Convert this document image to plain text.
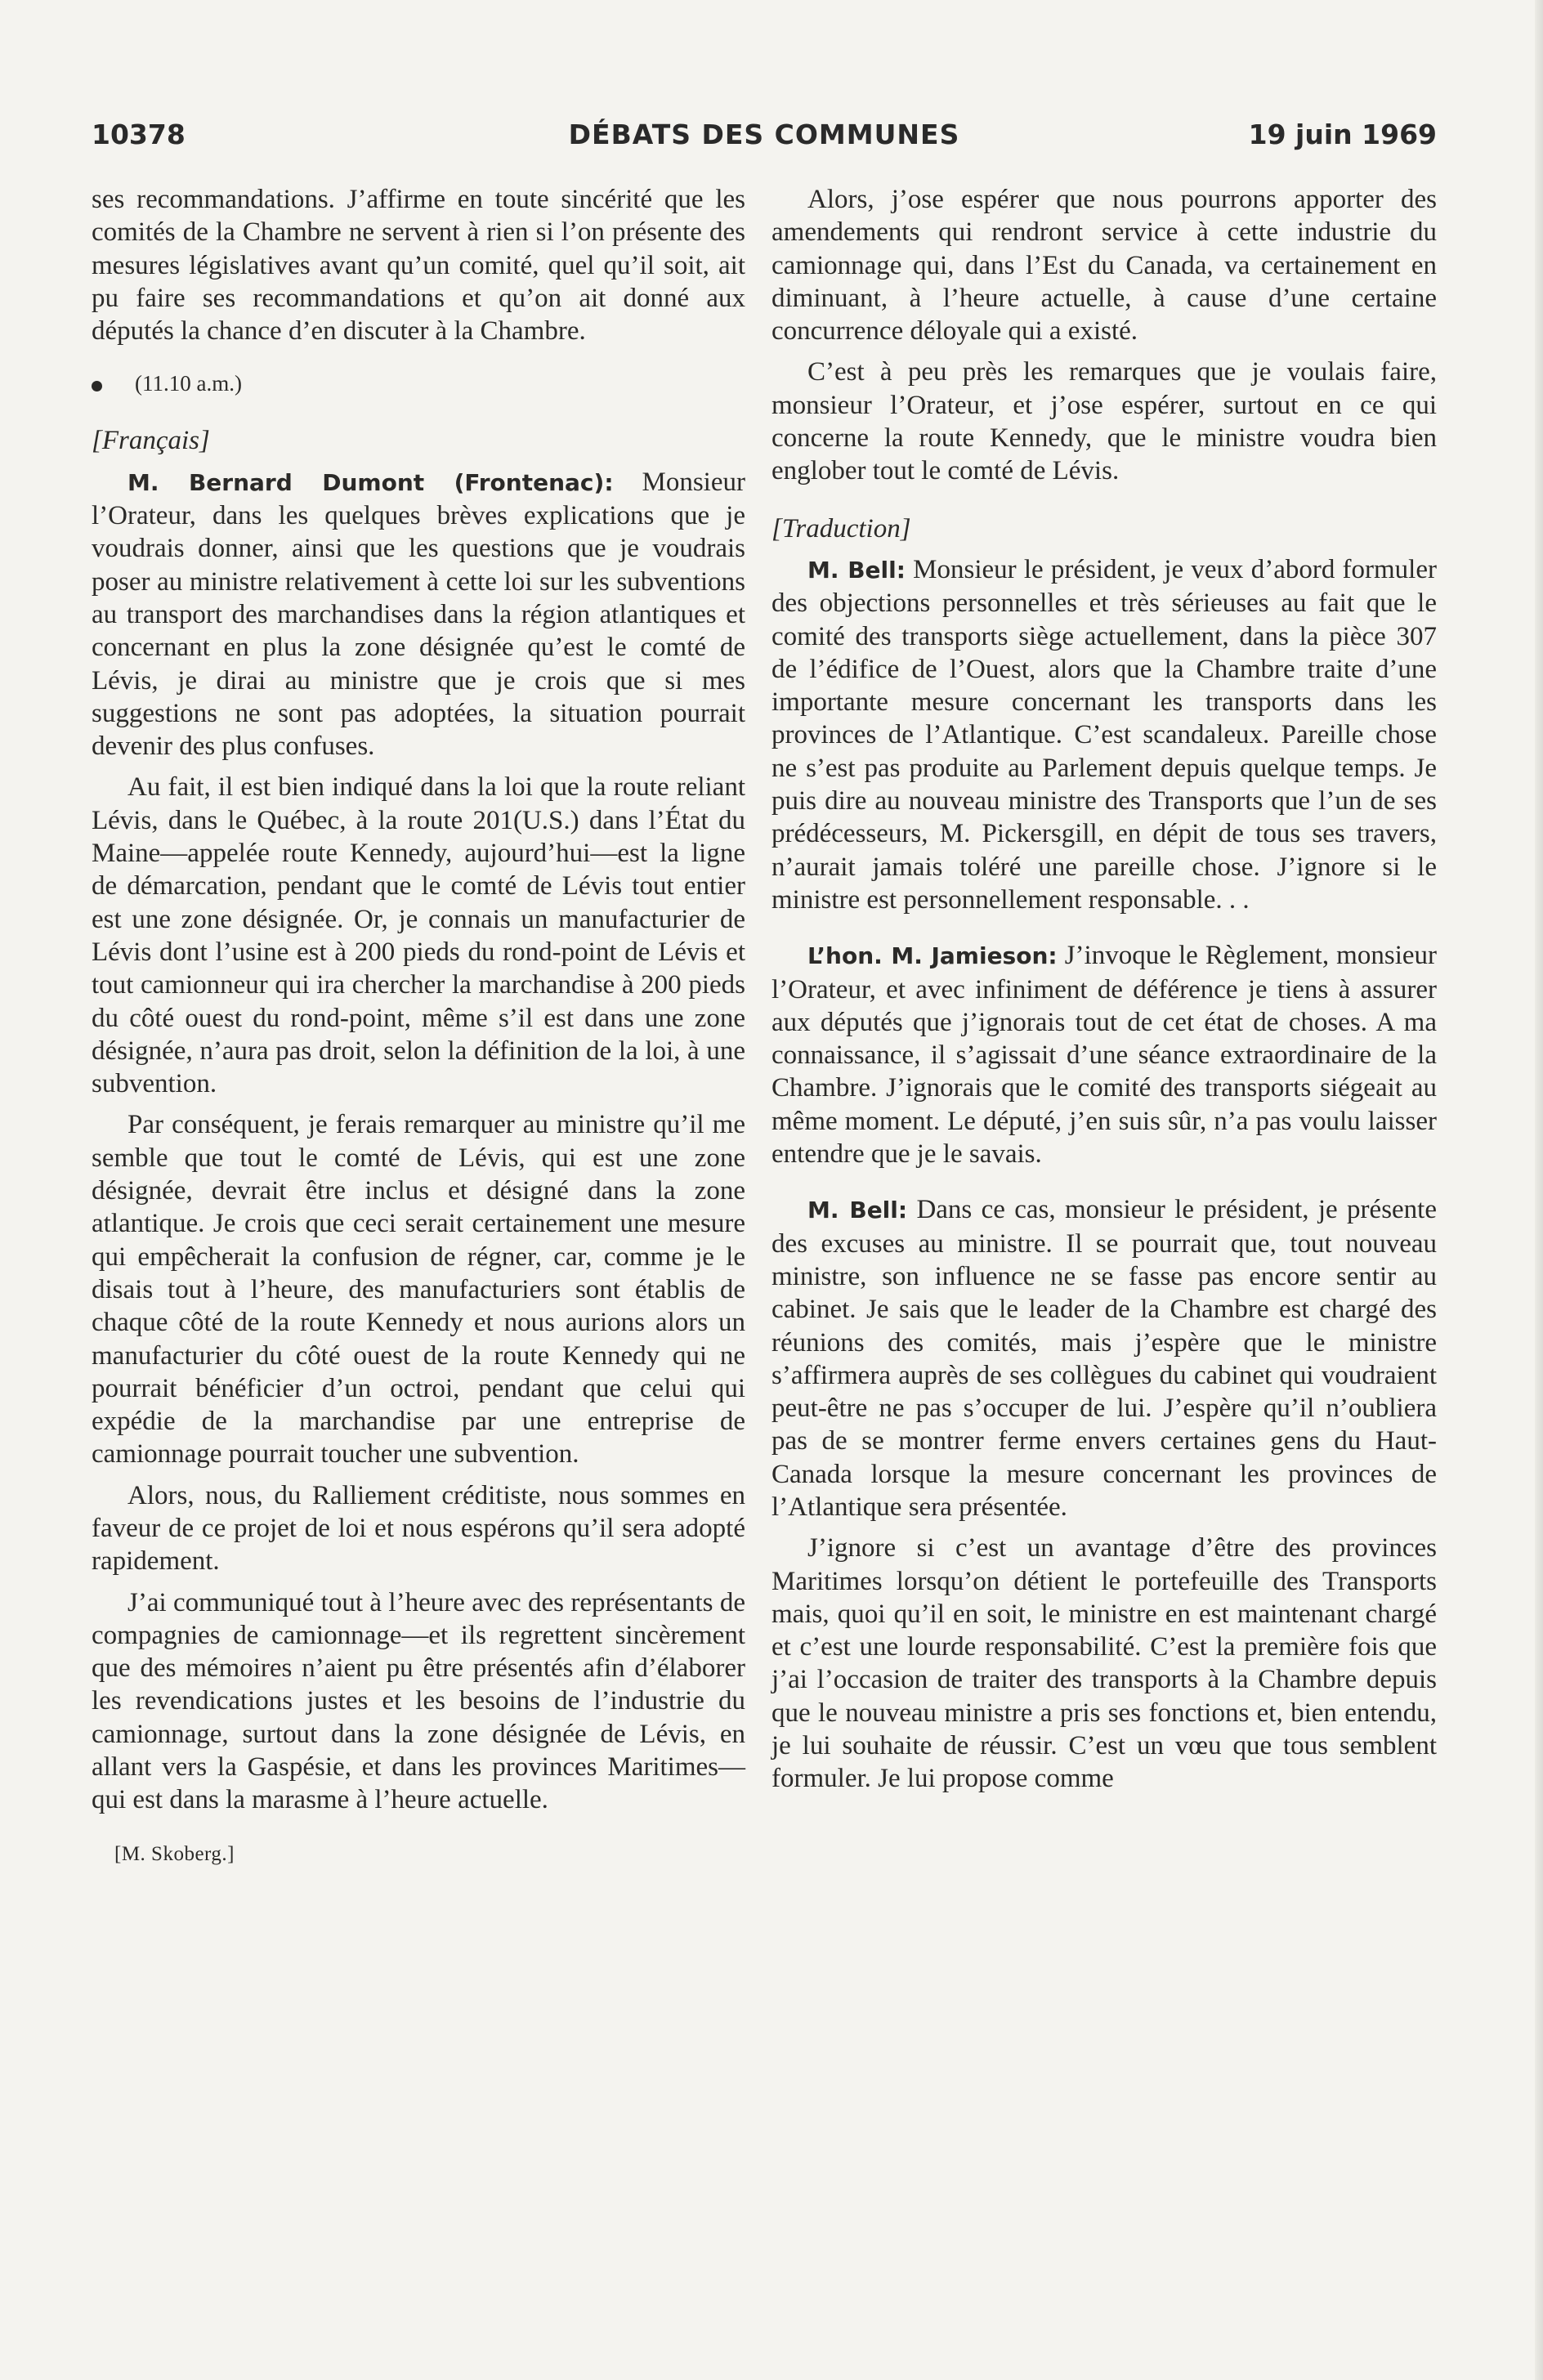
10378	DÉBATS DES COMMUNES	19 juin 1969

ses recommandations. J’affirme en toute sincérité que les comités de la Chambre ne servent à rien si l’on présente des mesures législatives avant qu’un comité, quel qu’il soit, ait pu faire ses recommandations et qu’on ait donné aux députés la chance d’en discuter à la Chambre.

(11.10 a.m.)
[Français]

M. Bernard Dumont (Frontenac): Monsieur l’Orateur, dans les quelques brèves explications que je voudrais donner, ainsi que les questions que je voudrais poser au ministre relativement à cette loi sur les subventions au transport des marchandises dans la région atlantiques et concernant en plus la zone désignée qu’est le comté de Lévis, je dirai au ministre que je crois que si mes suggestions ne sont pas adoptées, la situation pourrait devenir des plus confuses.

Au fait, il est bien indiqué dans la loi que la route reliant Lévis, dans le Québec, à la route 201(U.S.) dans l’État du Maine—appelée route Kennedy, aujourd’hui—est la ligne de démarcation, pendant que le comté de Lévis tout entier est une zone désignée. Or, je connais un manufacturier de Lévis dont l’usine est à 200 pieds du rond-point de Lévis et tout camionneur qui ira chercher la marchandise à 200 pieds du côté ouest du rond-point, même s’il est dans une zone désignée, n’aura pas droit, selon la définition de la loi, à une subvention.

Par conséquent, je ferais remarquer au ministre qu’il me semble que tout le comté de Lévis, qui est une zone désignée, devrait être inclus et désigné dans la zone atlantique. Je crois que ceci serait certainement une mesure qui empêcherait la confusion de régner, car, comme je le disais tout à l’heure, des manufacturiers sont établis de chaque côté de la route Kennedy et nous aurions alors un manufacturier du côté ouest de la route Kennedy qui ne pourrait bénéficier d’un octroi, pendant que celui qui expédie de la marchandise par une entreprise de camionnage pourrait toucher une subvention.

Alors, nous, du Ralliement créditiste, nous sommes en faveur de ce projet de loi et nous espérons qu’il sera adopté rapidement.

J’ai communiqué tout à l’heure avec des représentants de compagnies de camionnage—et ils regrettent sincèrement que des mémoires n’aient pu être présentés afin d’élaborer les revendications justes et les besoins de l’industrie du camionnage, surtout dans la zone désignée de Lévis, en allant vers la Gaspésie, et dans les provinces Maritimes—qui est dans la marasme à l’heure actuelle.

[M. Skoberg.]

Alors, j’ose espérer que nous pourrons apporter des amendements qui rendront service à cette industrie du camionnage qui, dans l’Est du Canada, va certainement en diminuant, à l’heure actuelle, à cause d’une certaine concurrence déloyale qui a existé.

C’est à peu près les remarques que je voulais faire, monsieur l’Orateur, et j’ose espérer, surtout en ce qui concerne la route Kennedy, que le ministre voudra bien englober tout le comté de Lévis.

[Traduction]

M. Bell: Monsieur le président, je veux d’abord formuler des objections personnelles et très sérieuses au fait que le comité des transports siège actuellement, dans la pièce 307 de l’édifice de l’Ouest, alors que la Chambre traite d’une importante mesure concernant les transports dans les provinces de l’Atlantique. C’est scandaleux. Pareille chose ne s’est pas produite au Parlement depuis quelque temps. Je puis dire au nouveau ministre des Transports que l’un de ses prédécesseurs, M. Pickersgill, en dépit de tous ses travers, n’aurait jamais toléré une pareille chose. J’ignore si le ministre est personnellement responsable. . .

L’hon. M. Jamieson: J’invoque le Règlement, monsieur l’Orateur, et avec infiniment de déférence je tiens à assurer aux députés que j’ignorais tout de cet état de choses. A ma connaissance, il s’agissait d’une séance extraordinaire de la Chambre. J’ignorais que le comité des transports siégeait au même moment. Le député, j’en suis sûr, n’a pas voulu laisser entendre que je le savais.

M. Bell: Dans ce cas, monsieur le président, je présente des excuses au ministre. Il se pourrait que, tout nouveau ministre, son influence ne se fasse pas encore sentir au cabinet. Je sais que le leader de la Chambre est chargé des réunions des comités, mais j’espère que le ministre s’affirmera auprès de ses collègues du cabinet qui voudraient peut-être ne pas s’occuper de lui. J’espère qu’il n’oubliera pas de se montrer ferme envers certaines gens du Haut-Canada lorsque la mesure concernant les provinces de l’Atlantique sera présentée.

J’ignore si c’est un avantage d’être des provinces Maritimes lorsqu’on détient le portefeuille des Transports mais, quoi qu’il en soit, le ministre en est maintenant chargé et c’est une lourde responsabilité. C’est la première fois que j’ai l’occasion de traiter des transports à la Chambre depuis que le nouveau ministre a pris ses fonctions et, bien entendu, je lui souhaite de réussir. C’est un vœu que tous semblent formuler. Je lui propose comme
